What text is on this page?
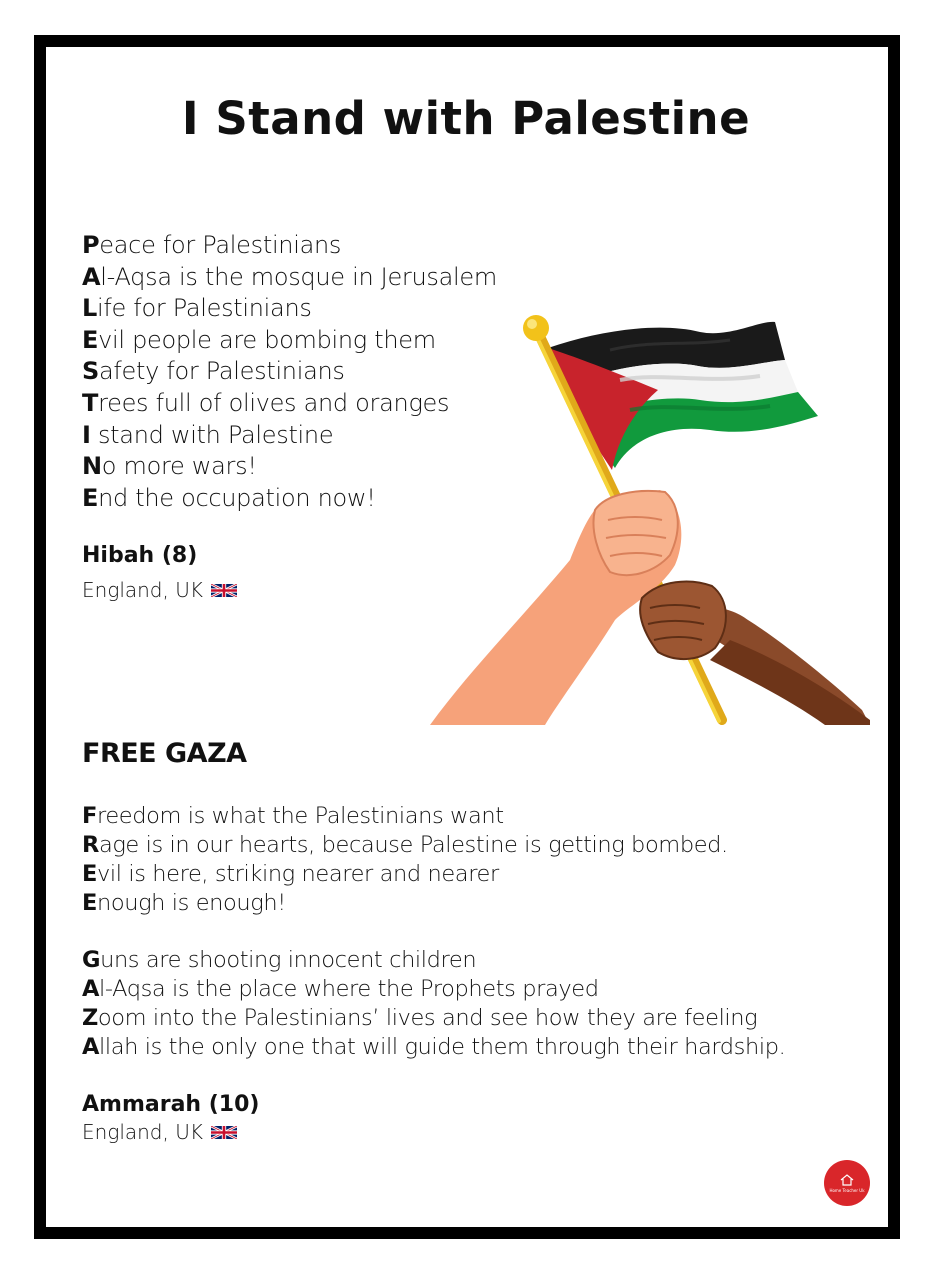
I Stand with Palestine
Peace for Palestinians
Al-Aqsa is the mosque in Jerusalem
Life for Palestinians
Evil people are bombing them
Safety for Palestinians
Trees full of olives and oranges
I stand with Palestine
No more wars!
End the occupation now!

Hibah (8)

England, UK

FREE GAZA
Freedom is what the Palestinians want
Rage is in our hearts, because Palestine is getting bombed.
Evil is here, striking nearer and nearer
Enough is enough!
Guns are shooting innocent children
Al-Aqsa is the place where the Prophets prayed
Zoom into the Palestinians’ lives and see how they are feeling
Allah is the only one that will guide them through their hardship.

Ammarah (10)

England, UK

Home Teacher Uk
